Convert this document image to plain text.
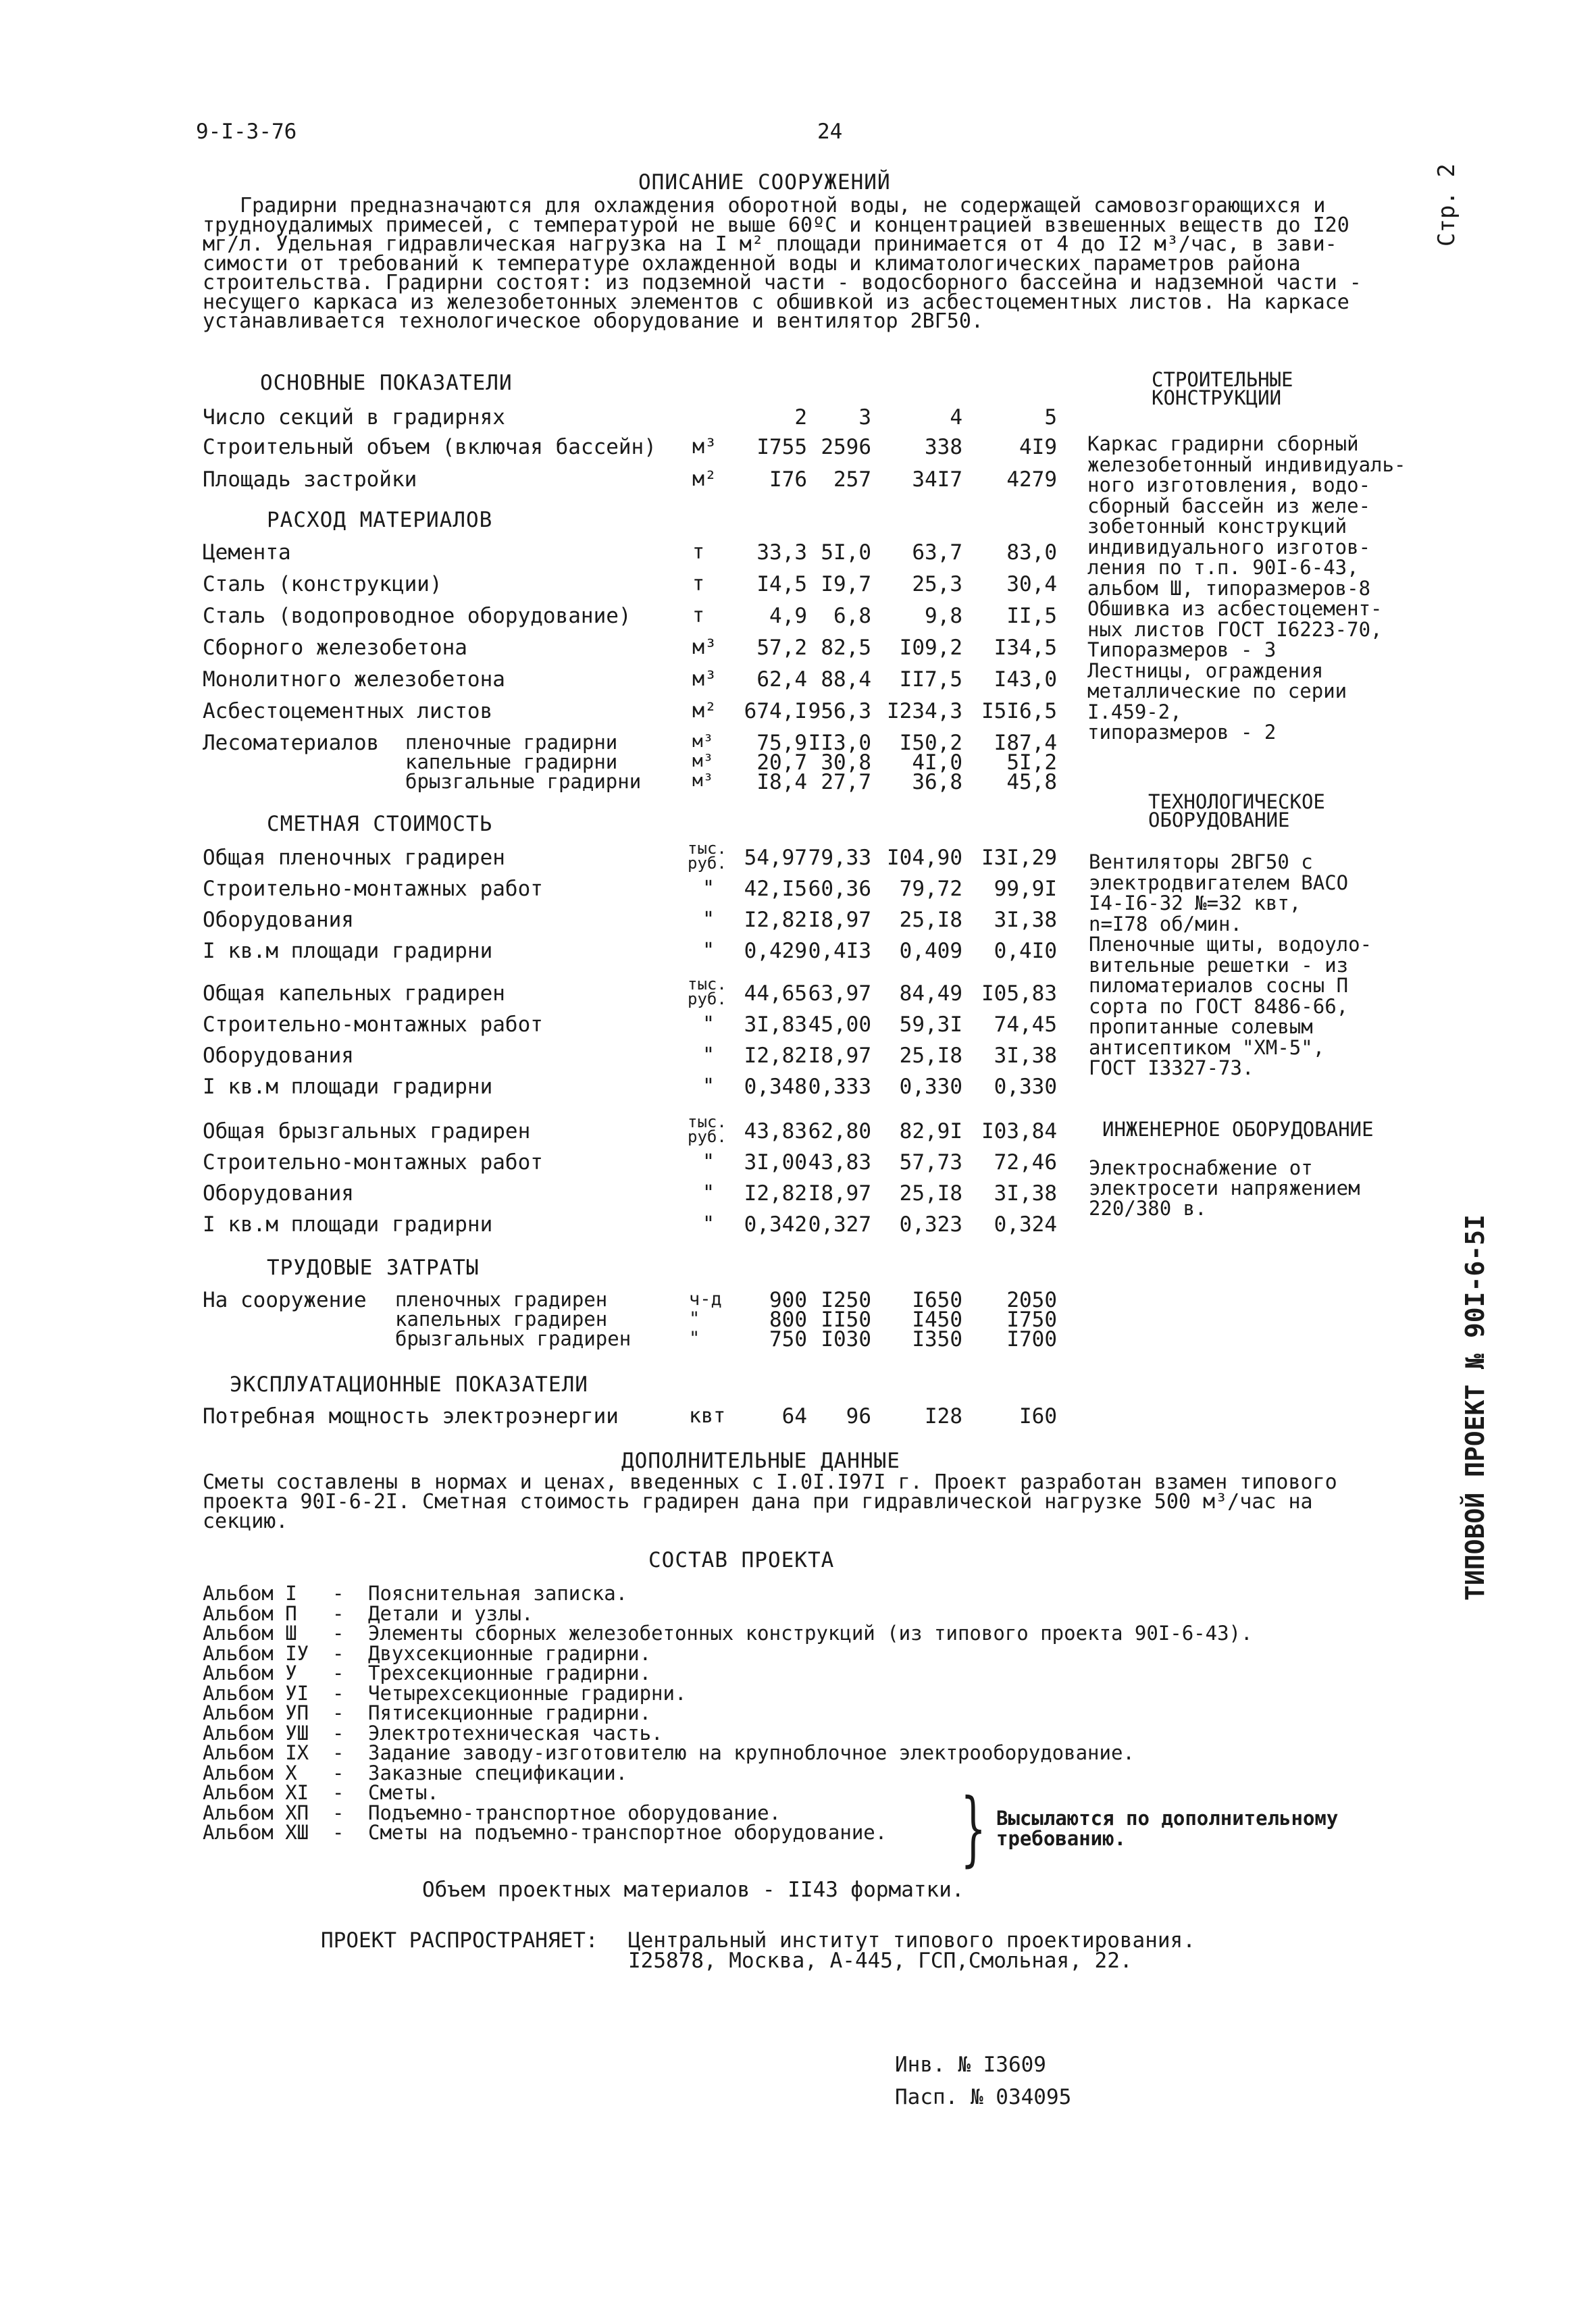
9-I-3-76	24
Стр. 2
ТИПОВОЙ ПРОЕКТ № 90I-6-5I
ОПИСАНИЕ СООРУЖЕНИЙ
Градирни предназначаются для охлаждения оборотной воды, не содержащей самовозгорающихся и
трудноудалимых примесей, с температурой не выше 60ºС и концентрацией взвешенных веществ до I20
мг/л. Удельная гидравлическая нагрузка на I м² площади принимается от 4 до I2 м³/час, в зави-
симости от требований к температуре охлажденной воды и климатологических параметров района
строительства. Градирни состоят: из подземной части - водосборного бассейна и надземной части -
несущего каркаса из железобетонных элементов с обшивкой из асбестоцементных листов. На каркасе
устанавливается технологическое оборудование и вентилятор 2ВГ50.
ОСНОВНЫЕ ПОКАЗАТЕЛИ
Число секций в градирнях	2	3	4	5
Строительный объем (включая бассейн) м³	I755 2596	338	4I9
Площадь застройки	м²	I76	257	34I7	4279
РАСХОД МАТЕРИАЛОВ
Цемента	т	33,3 5I,0	63,7	83,0
Сталь (конструкции)	т	I4,5 I9,7	25,3	30,4
Сталь (водопроводное оборудование)	т	4,9	6,8	9,8	II,5
Сборного железобетона	м³	57,2 82,5	I09,2	I34,5
Монолитного железобетона	м³	62,4 88,4	II7,5	I43,0
Асбестоцементных листов	м²	674,I 956,3 I234,3 I5I6,5
Лесоматериалов пленочные градирни	м³	75,9 II3,0	I50,2	I87,4
капельные градирни	м³	20,7 30,8	4I,0	5I,2
брызгальные градирни	м³	I8,4 27,7	36,8	45,8
СМЕТНАЯ СТОИМОСТЬ
Общая пленочных градирен	тыс. руб. 54,97 79,33 I04,90 I3I,29
Строительно-монтажных работ	"	42,I5 60,36	79,72	99,9I
Оборудования	"	I2,82 I8,97	25,I8	3I,38
I кв.м площади градирни	"	0,429 0,4I3	0,409	0,4I0
Общая капельных градирен	тыс. руб. 44,65 63,97	84,49 I05,83
Строительно-монтажных работ	"	3I,83 45,00	59,3I	74,45
Оборудования	"	I2,82 I8,97	25,I8	3I,38
I кв.м площади градирни	"	0,348 0,333	0,330	0,330
Общая брызгальных градирен	тыс. руб. 43,83 62,80	82,9I I03,84
Строительно-монтажных работ	"	3I,00 43,83	57,73	72,46
Оборудования	"	I2,82 I8,97	25,I8	3I,38
I кв.м площади градирни	"	0,342 0,327	0,323	0,324
ТРУДОВЫЕ ЗАТРАТЫ
На сооружение пленочных градирен	ч-д	900 I250	I650	2050
капельных градирен	"	800 II50	I450	I750
брызгальных градирен	"	750 I030	I350	I700
ЭКСПЛУАТАЦИОННЫЕ ПОКАЗАТЕЛИ
Потребная мощность электроэнергии	квт	64	96	I28	I60
СТРОИТЕЛЬНЫЕ
КОНСТРУКЦИИ
Каркас градирни сборный
железобетонный индивидуаль-
ного изготовления, водо-
сборный бассейн из желе-
зобетонный конструкций
индивидуального изготов-
ления по т.п. 90I-6-43,
альбом Ш, типоразмеров-8
Обшивка из асбестоцемент-
ных листов ГОСТ I6223-70,
Типоразмеров - 3
Лестницы, ограждения
металлические по серии
I.459-2,
типоразмеров - 2
ТЕХНОЛОГИЧЕСКОЕ
ОБОРУДОВАНИЕ
Вентиляторы 2ВГ50 с
электродвигателем ВАСО
I4-I6-32 №=32 квт,
n=I78 об/мин.
Пленочные щиты, водоуло-
вительные решетки - из
пиломатериалов сосны П
сорта по ГОСТ 8486-66,
пропитанные солевым
антисептиком "ХМ-5",
ГОСТ I3327-73.
ИНЖЕНЕРНОЕ ОБОРУДОВАНИЕ
Электроснабжение от
электросети напряжением
220/380 в.
ДОПОЛНИТЕЛЬНЫЕ ДАННЫЕ
Сметы составлены в нормах и ценах, введенных с I.0I.I97I г. Проект разработан взамен типового
проекта 90I-6-2I. Сметная стоимость градирен дана при гидравлической нагрузке 500 м³/час на
секцию.
СОСТАВ ПРОЕКТА
Альбом I - Пояснительная записка.
Альбом П - Детали и узлы.
Альбом Ш - Элементы сборных железобетонных конструкций (из типового проекта 90I-6-43).
Альбом IУ - Двухсекционные градирни.
Альбом У - Трехсекционные градирни.
Альбом УI - Четырехсекционные градирни.
Альбом УП - Пятисекционные градирни.
Альбом УШ - Электротехническая часть.
Альбом IХ - Задание заводу-изготовителю на крупноблочное электрооборудование.
Альбом Х - Заказные спецификации.
Альбом ХI - Сметы.
Альбом ХП - Подъемно-транспортное оборудование.
Альбом ХШ - Сметы на подъемно-транспортное оборудование. } Высылаются по дополнительному
требованию.
Объем проектных материалов - II43 форматки.
ПРОЕКТ РАСПРОСТРАНЯЕТ: Центральный институт типового проектирования.
I25878, Москва, А-445, ГСП,Смольная, 22.
Инв. № I3609
Пасп. № 034095
